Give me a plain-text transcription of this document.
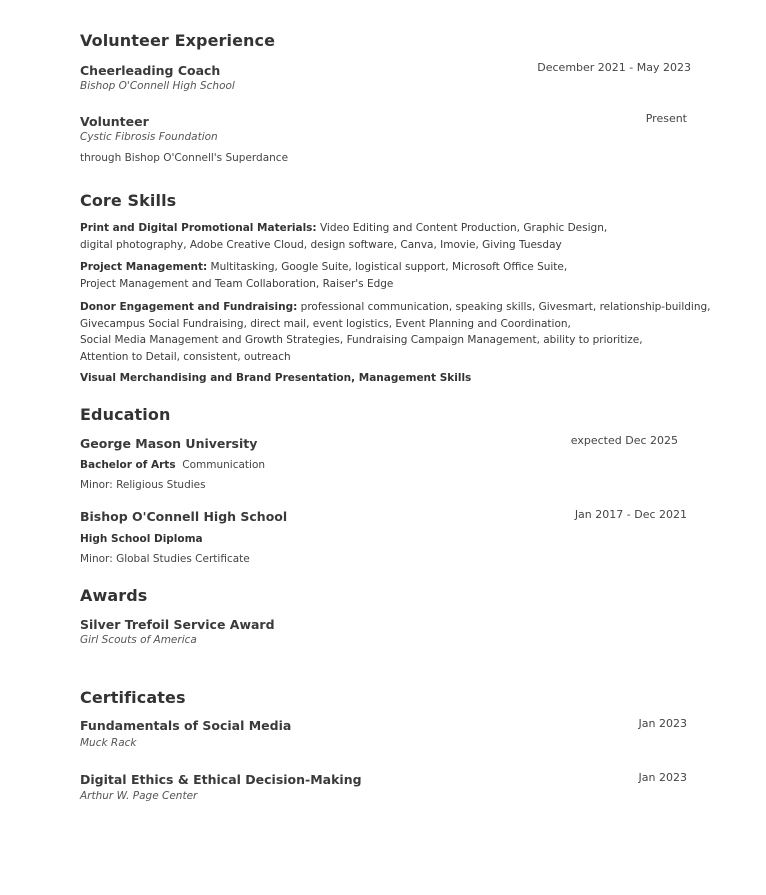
Volunteer Experience
Cheerleading Coach
Bishop O'Connell High School
December 2021 - May 2023
Volunteer
Cystic Fibrosis Foundation
Present
through Bishop O'Connell's Superdance
Core Skills
Print and Digital Promotional Materials: Video Editing and Content Production, Graphic Design,
digital photography, Adobe Creative Cloud, design software, Canva, Imovie, Giving Tuesday
Project Management: Multitasking, Google Suite, logistical support, Microsoft Office Suite,
Project Management and Team Collaboration, Raiser's Edge
Donor Engagement and Fundraising: professional communication, speaking skills, Givesmart, relationship-building,
Givecampus Social Fundraising, direct mail, event logistics, Event Planning and Coordination,
Social Media Management and Growth Strategies, Fundraising Campaign Management, ability to prioritize,
Attention to Detail, consistent, outreach
Visual Merchandising and Brand Presentation, Management Skills
Education
George Mason University	expected Dec 2025
Bachelor of Arts Communication
Minor: Religious Studies
Bishop O'Connell High School	Jan 2017 - Dec 2021
High School Diploma
Minor: Global Studies Certificate
Awards
Silver Trefoil Service Award
Girl Scouts of America
Certificates
Fundamentals of Social Media
Muck Rack
Jan 2023
Digital Ethics & Ethical Decision-Making
Arthur W. Page Center
Jan 2023
